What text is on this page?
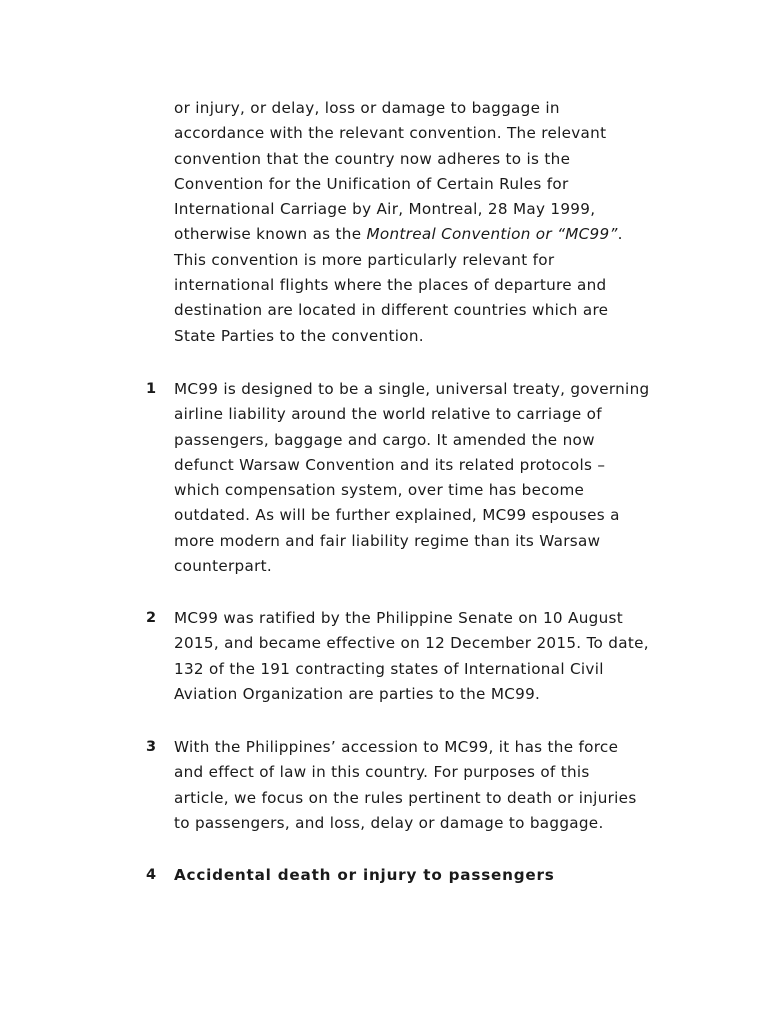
or injury, or delay, loss or damage to baggage in
accordance with the relevant convention. The relevant
convention that the country now adheres to is the
Convention for the Unification of Certain Rules for
International Carriage by Air, Montreal, 28 May 1999,
otherwise known as the Montreal Convention or “MC99”.
This convention is more particularly relevant for
international flights where the places of departure and
destination are located in different countries which are
State Parties to the convention.
1 MC99 is designed to be a single, universal treaty, governing
airline liability around the world relative to carriage of
passengers, baggage and cargo. It amended the now
defunct Warsaw Convention and its related protocols –
which compensation system, over time has become
outdated. As will be further explained, MC99 espouses a
more modern and fair liability regime than its Warsaw
counterpart.
2 MC99 was ratified by the Philippine Senate on 10 August
2015, and became effective on 12 December 2015. To date,
132 of the 191 contracting states of International Civil
Aviation Organization are parties to the MC99.
3 With the Philippines’ accession to MC99, it has the force
and effect of law in this country. For purposes of this
article, we focus on the rules pertinent to death or injuries
to passengers, and loss, delay or damage to baggage.
4 Accidental death or injury to passengers
